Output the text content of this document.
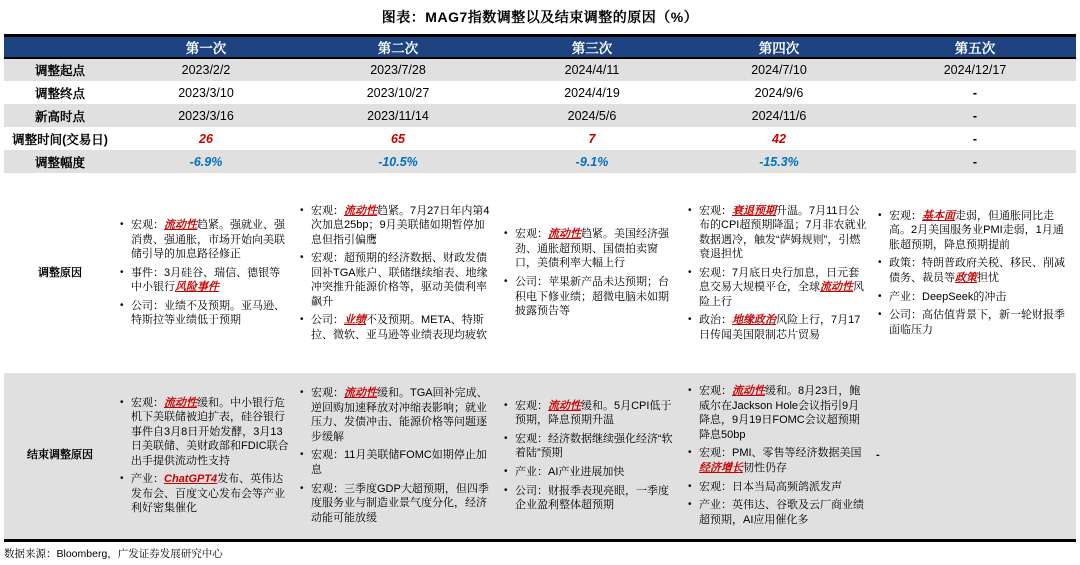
图表：MAG7指数调整以及结束调整的原因（%）
	第一次	第二次	第三次	第四次	第五次
调整起点	2023/2/2	2023/7/28	2024/4/11	2024/7/10	2024/12/17
调整终点	2023/3/10	2023/10/27	2024/4/19	2024/9/6	-
新高时点	2023/3/16	2023/11/14	2024/5/6	2024/11/6	-
调整时间(交易日)	26	65	7	42	-
调整幅度	-6.9%	-10.5%	-9.1%	-15.3%	-
调整原因	
• 宏观：流动性趋紧。强就业、强消费、强通胀，市场开始向美联储引导的加息路径修正
• 事件：3月硅谷、瑞信、德银等中小银行风险事件
• 公司：业绩不及预期。亚马逊、特斯拉等业绩低于预期

• 宏观：流动性趋紧。7月27日年内第4次加息25bp；9月美联储如期暂停加息但指引偏鹰
• 宏观：超预期的经济数据、财政发债回补TGA账户、联储继续缩表、地缘冲突推升能源价格等，驱动美债利率飙升
• 公司：业绩不及预期。META、特斯拉、微软、亚马逊等业绩表现均疲软

• 宏观：流动性趋紧。美国经济强劲、通胀超预期、国债拍卖窗口，美债利率大幅上行
• 公司：苹果新产品未达预期；台积电下修业绩；超微电脑未如期披露预告等

• 宏观：衰退预期升温。7月11日公布的CPI超预期降温；7月非农就业数据遇冷，触发“萨姆规则”，引燃衰退担忧
• 宏观：7月底日央行加息，日元套息交易大规模平仓，全球流动性风险上行
• 政治：地缘政治风险上行，7月17日传闻美国限制芯片贸易

• 宏观：基本面走弱，但通胀同比走高。2月美国服务业PMI走弱，1月通胀超预期，降息预期提前
• 政策：特朗普政府关税、移民、削减债务、裁员等政策担忧
• 产业：DeepSeek的冲击
• 公司：高估值背景下，新一轮财报季面临压力

结束调整原因	
• 宏观：流动性缓和。中小银行危机下美联储被迫扩表，硅谷银行事件自3月8日开始发酵，3月13日美联储、美财政部和FDIC联合出手提供流动性支持
• 产业：ChatGPT4发布、英伟达发布会、百度文心发布会等产业利好密集催化

• 宏观：流动性缓和。TGA回补完成、逆回购加速释放对冲缩表影响；就业压力、发债冲击、能源价格等问题逐步缓解
• 宏观：11月美联储FOMC如期停止加息
• 宏观：三季度GDP大超预期，但四季度服务业与制造业景气度分化，经济动能可能放缓

• 宏观：流动性缓和。5月CPI低于预期，降息预期升温
• 宏观：经济数据继续强化经济“软着陆”预期
• 产业：AI产业进展加快
• 公司：财报季表现亮眼，一季度企业盈利整体超预期

• 宏观：流动性缓和。8月23日，鲍威尔在Jackson Hole会议指引9月降息，9月19日FOMC会议超预期降息50bp
• 宏观：PMI、零售等经济数据美国经济增长韧性仍存
• 宏观：日本当局高频鸽派发声
• 产业：英伟达、谷歌及云厂商业绩超预期，AI应用催化多
	-
数据来源：Bloomberg，广发证券发展研究中心
